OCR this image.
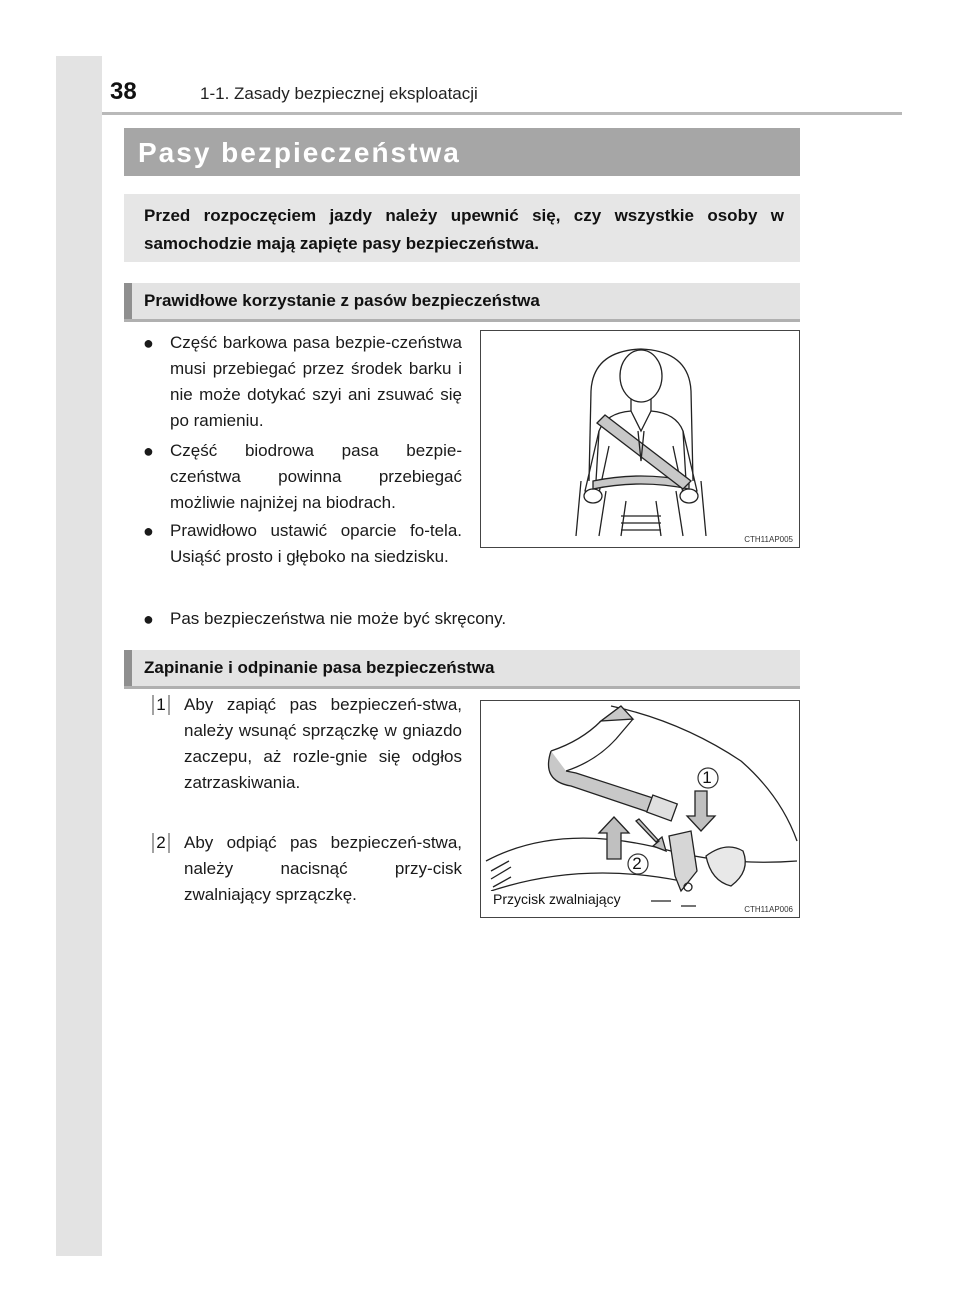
38	1-1. Zasady bezpiecznej eksploatacji
Pasy bezpieczeństwa
Przed rozpoczęciem jazdy należy upewnić się, czy wszystkie osoby w samochodzie mają zapięte pasy bezpieczeństwa.
Prawidłowe korzystanie z pasów bezpieczeństwa
● Część barkowa pasa bezpie-czeństwa musi przebiegać przez środek barku i nie może dotykać szyi ani zsuwać się po ramieniu.
● Część biodrowa pasa bezpie-czeństwa powinna przebiegać możliwie najniżej na biodrach.
● Prawidłowo ustawić oparcie fo-tela. Usiąść prosto i głęboko na siedzisku.
● Pas bezpieczeństwa nie może być skręcony.
CTH11AP005
Zapinanie i odpinanie pasa bezpieczeństwa
1	Aby zapiąć pas bezpieczeń-stwa, należy wsunąć sprzączkę w gniazdo zaczepu, aż rozle-gnie się odgłos zatrzaskiwania.
2	Aby odpiąć pas bezpieczeń-stwa, należy nacisnąć przy-cisk zwalniający sprzączkę.
1
2
Przycisk zwalniający
CTH11AP006
